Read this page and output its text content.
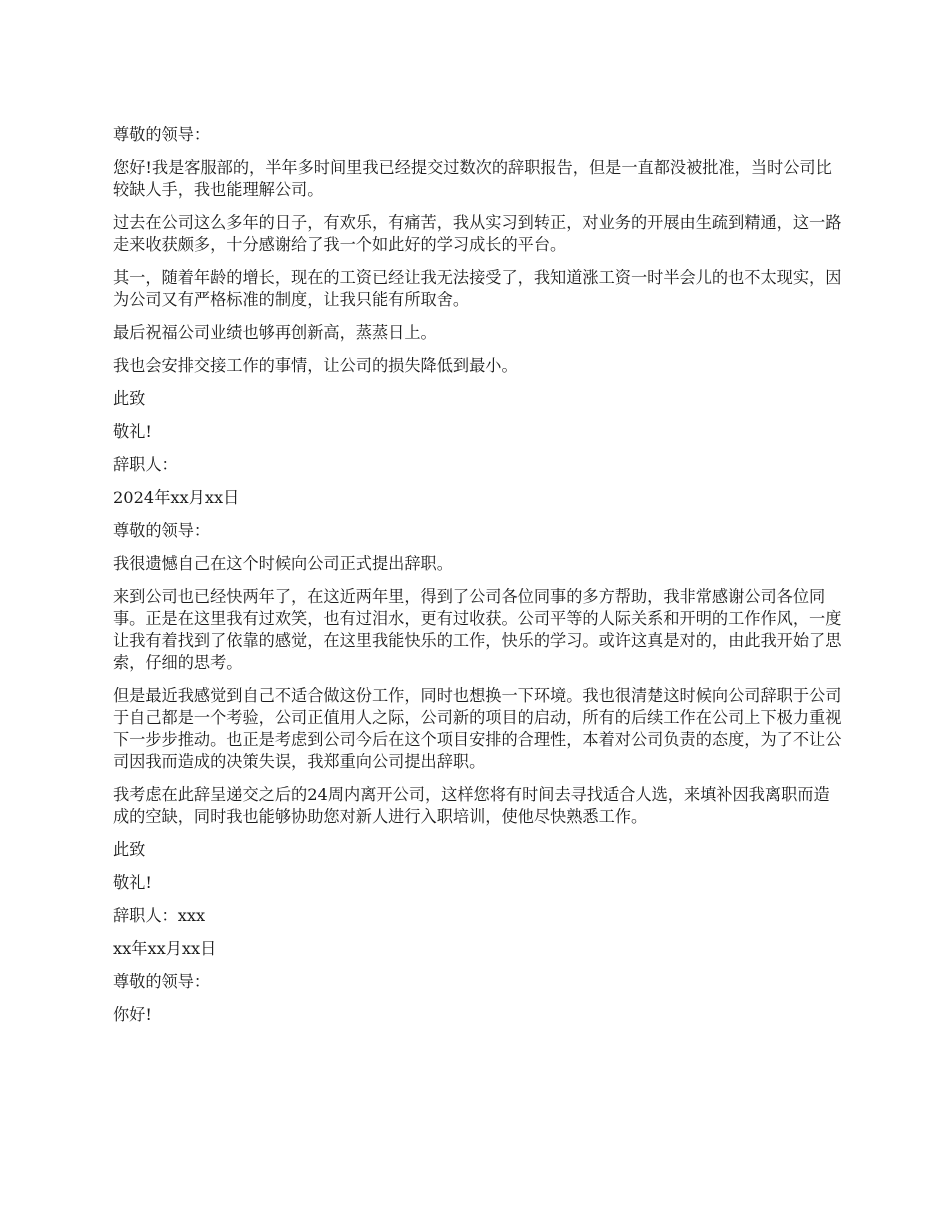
尊敬的领导：

您好!我是客服部的，半年多时间里我已经提交过数次的辞职报告，但是一直都没被批准，当时公司比较缺人手，我也能理解公司。

过去在公司这么多年的日子，有欢乐，有痛苦，我从实习到转正，对业务的开展由生疏到精通，这一路走来收获颇多，十分感谢给了我一个如此好的学习成长的平台。

其一，随着年龄的增长，现在的工资已经让我无法接受了，我知道涨工资一时半会儿的也不太现实，因为公司又有严格标准的制度，让我只能有所取舍。

最后祝福公司业绩也够再创新高，蒸蒸日上。

我也会安排交接工作的事情，让公司的损失降低到最小。

此致

敬礼!

辞职人：

2024年xx月xx日

尊敬的领导：

我很遗憾自己在这个时候向公司正式提出辞职。

来到公司也已经快两年了，在这近两年里，得到了公司各位同事的多方帮助，我非常感谢公司各位同事。正是在这里我有过欢笑，也有过泪水，更有过收获。公司平等的人际关系和开明的工作作风，一度让我有着找到了依靠的感觉，在这里我能快乐的工作，快乐的学习。或许这真是对的，由此我开始了思索，仔细的思考。

但是最近我感觉到自己不适合做这份工作，同时也想换一下环境。我也很清楚这时候向公司辞职于公司于自己都是一个考验，公司正值用人之际，公司新的项目的启动，所有的后续工作在公司上下极力重视下一步步推动。也正是考虑到公司今后在这个项目安排的合理性，本着对公司负责的态度，为了不让公司因我而造成的决策失误，我郑重向公司提出辞职。

我考虑在此辞呈递交之后的24周内离开公司，这样您将有时间去寻找适合人选，来填补因我离职而造成的空缺，同时我也能够协助您对新人进行入职培训，使他尽快熟悉工作。

此致

敬礼!

辞职人：xxx

xx年xx月xx日

尊敬的领导：

你好!
